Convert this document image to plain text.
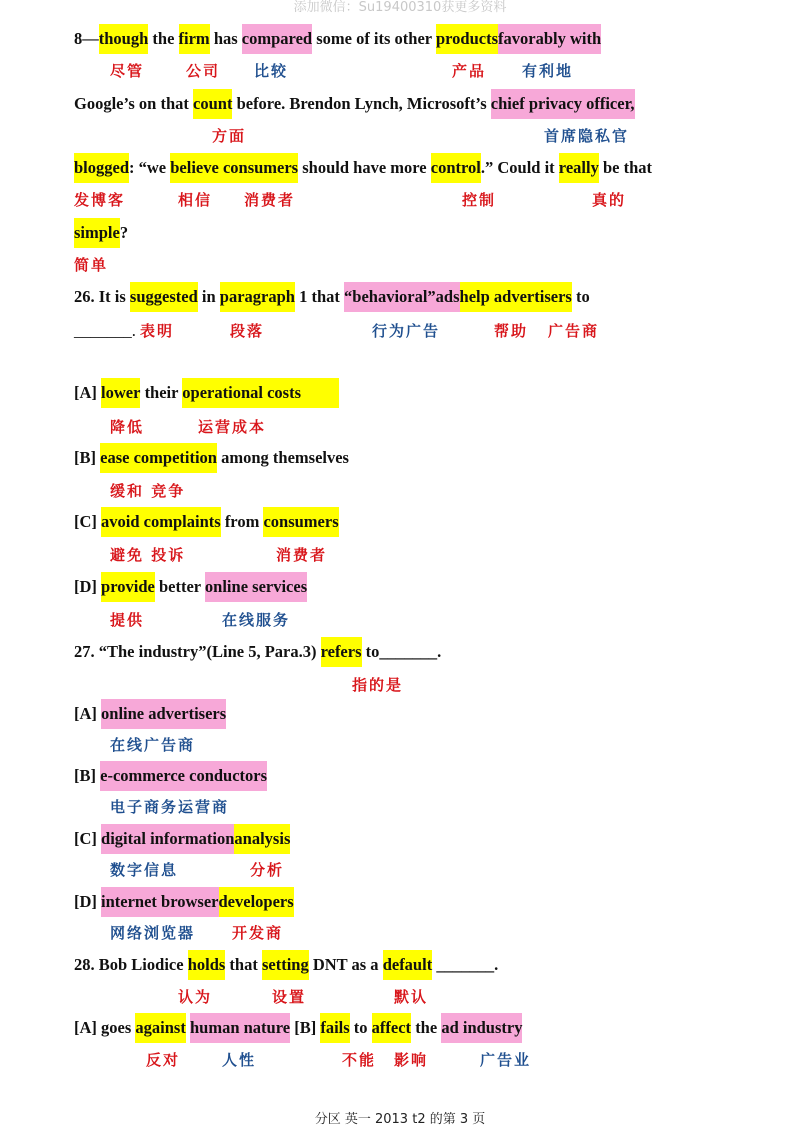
添加微信：Su19400310获更多资料
8—though the firm has compared some of its other productsfavorably with
尽管	公司 比较	产品 有利地
Google’s on that count before. Brendon Lynch, Microsoft’s chief privacy officer,
方面	首席隐私官
blogged: “we believe consumers should have more control.” Could it really be that
发博客	相信 消费者	控制	真的
simple?
简单
26. It is suggested in paragraph 1 that “behavioral”adshelp advertisers to
_______. 表明	段落	行为广告	帮助 广告商
[A] lower their operational costs
降低	运营成本
[B] ease competition among themselves
缓和 竞争
[C] avoid complaints from consumers
避免 投诉	消费者
[D] provide better online services
提供	在线服务
27. “The industry”(Line 5, Para.3) refers to_______.
指的是
[A] online advertisers
在线广告商
[B] e-commerce conductors
电子商务运营商
[C] digital informationanalysis
数字信息	分析
[D] internet browserdevelopers
网络浏览器 开发商
28. Bob Liodice holds that setting DNT as a default _______.
认为	设置	默认
[A] goes against human nature [B] fails to affect the ad industry
反对	人性	不能 影响	广告业
分区 英一 2013 t2 的第 3 页
